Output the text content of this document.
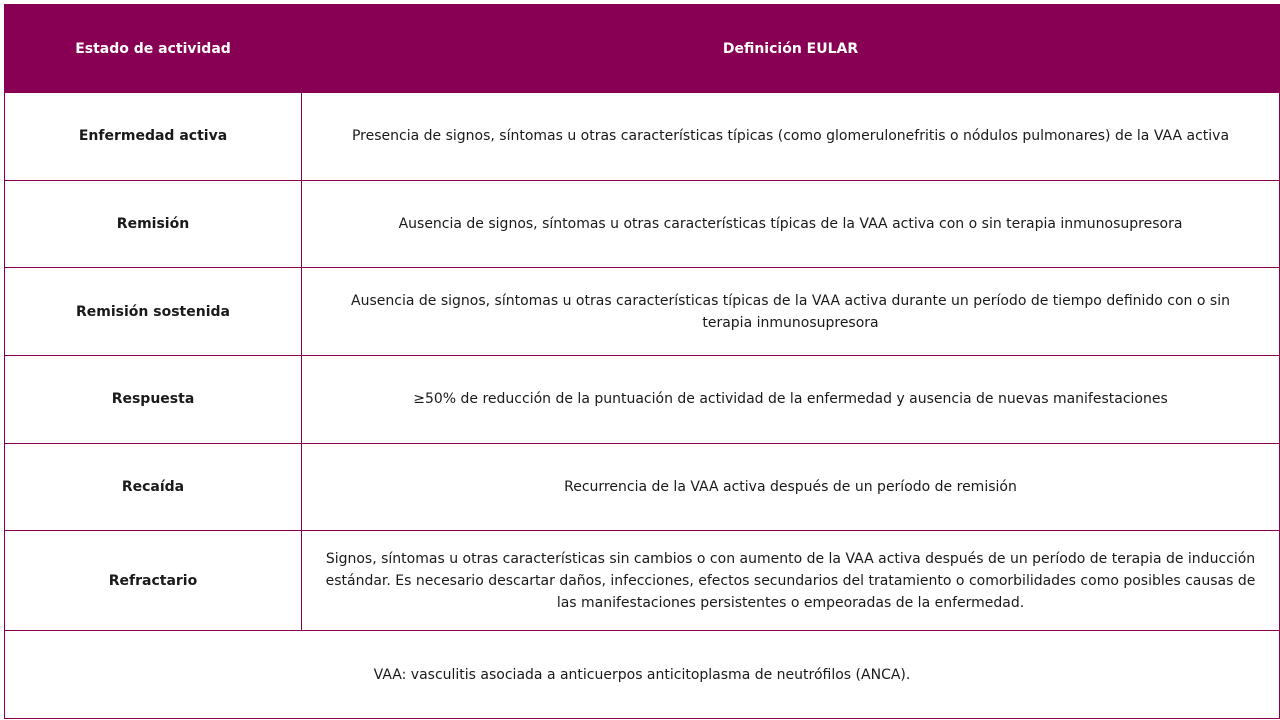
Estado de actividad	Definición EULAR
Enfermedad activa	Presencia de signos, síntomas u otras características típicas (como glomerulonefritis o nódulos pulmonares) de la VAA activa
Remisión	Ausencia de signos, síntomas u otras características típicas de la VAA activa con o sin terapia inmunosupresora
Remisión sostenida	Ausencia de signos, síntomas u otras características típicas de la VAA activa durante un período de tiempo definido con o sin terapia inmunosupresora
Respuesta	≥50% de reducción de la puntuación de actividad de la enfermedad y ausencia de nuevas manifestaciones
Recaída	Recurrencia de la VAA activa después de un período de remisión
Refractario	Signos, síntomas u otras características sin cambios o con aumento de la VAA activa después de un período de terapia de inducción estándar. Es necesario descartar daños, infecciones, efectos secundarios del tratamiento o comorbilidades como posibles causas de las manifestaciones persistentes o empeoradas de la enfermedad.
VAA: vasculitis asociada a anticuerpos anticitoplasma de neutrófilos (ANCA).	
